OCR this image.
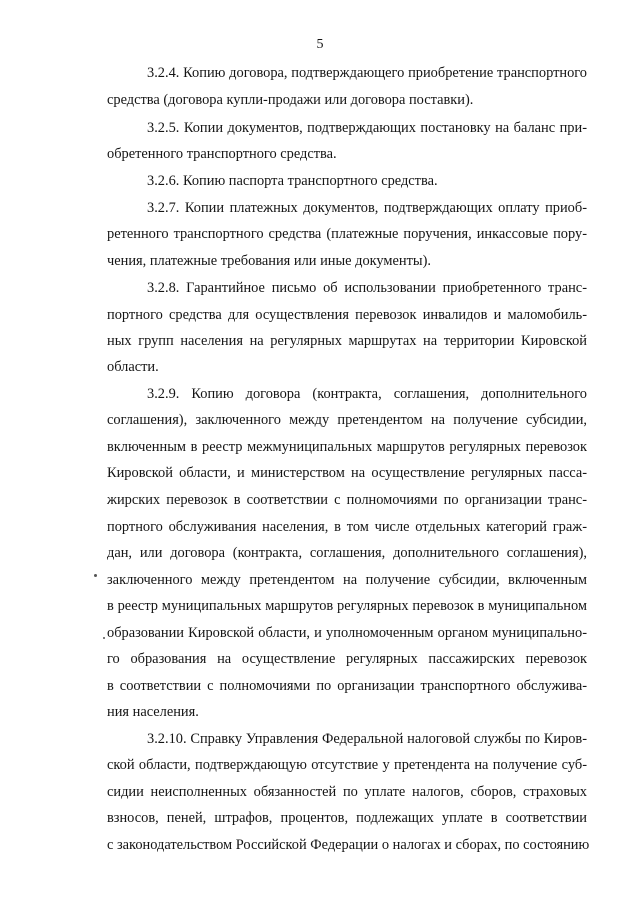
5
3.2.4. Копию договора, подтверждающего приобретение транспортного
средства (договора купли-продажи или договора поставки).
3.2.5. Копии документов, подтверждающих постановку на баланс при-
обретенного транспортного средства.
3.2.6. Копию паспорта транспортного средства.
3.2.7. Копии платежных документов, подтверждающих оплату приоб-
ретенного транспортного средства (платежные поручения, инкассовые пору-
чения, платежные требования или иные документы).
3.2.8. Гарантийное письмо об использовании приобретенного транс-
портного средства для осуществления перевозок инвалидов и маломобиль-
ных групп населения на регулярных маршрутах на территории Кировской
области.
3.2.9. Копию договора (контракта, соглашения, дополнительного
соглашения), заключенного между претендентом на получение субсидии,
включенным в реестр межмуниципальных маршрутов регулярных перевозок
Кировской области, и министерством на осуществление регулярных пасса-
жирских перевозок в соответствии с полномочиями по организации транс-
портного обслуживания населения, в том числе отдельных категорий граж-
дан, или договора (контракта, соглашения, дополнительного соглашения),
заключенного между претендентом на получение субсидии, включенным
в реестр муниципальных маршрутов регулярных перевозок в муниципальном
образовании Кировской области, и уполномоченным органом муниципально-
го образования на осуществление регулярных пассажирских перевозок
в соответствии с полномочиями по организации транспортного обслужива-
ния населения.
3.2.10. Справку Управления Федеральной налоговой службы по Киров-
ской области, подтверждающую отсутствие у претендента на получение суб-
сидии неисполненных обязанностей по уплате налогов, сборов, страховых
взносов, пеней, штрафов, процентов, подлежащих уплате в соответствии
с законодательством Российской Федерации о налогах и сборах, по состоянию
